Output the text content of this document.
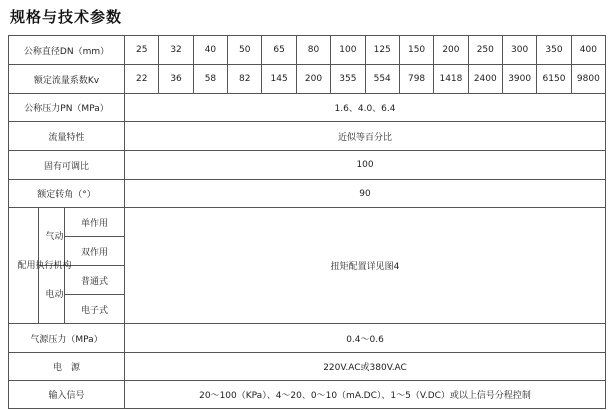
规格与技术参数
公称直径DN（mm）			25	32	40	50	65	80	100	125	150	200	250	300	350	400
额定流量系数Kv			22	36	58	82	145	200	355	554	798	1418	2400	3900	6150	9800
公称压力PN（MPa）			1.6、4.0、6.4													
流量特性			近似等百分比													
固有可调比			100													
额定转角（°）			90													

配用执行机构	气动	单作用	扭矩配置详见图4													
		双作用														

	电动	普通式														
		电子式														
气源压力（MPa）			0.4～0.6													
电　源			220V.AC或380V.AC													
输入信号			20～100（KPa）、4～20、0～10（mA.DC）、1～5（V.DC）或以上信号分程控制													
